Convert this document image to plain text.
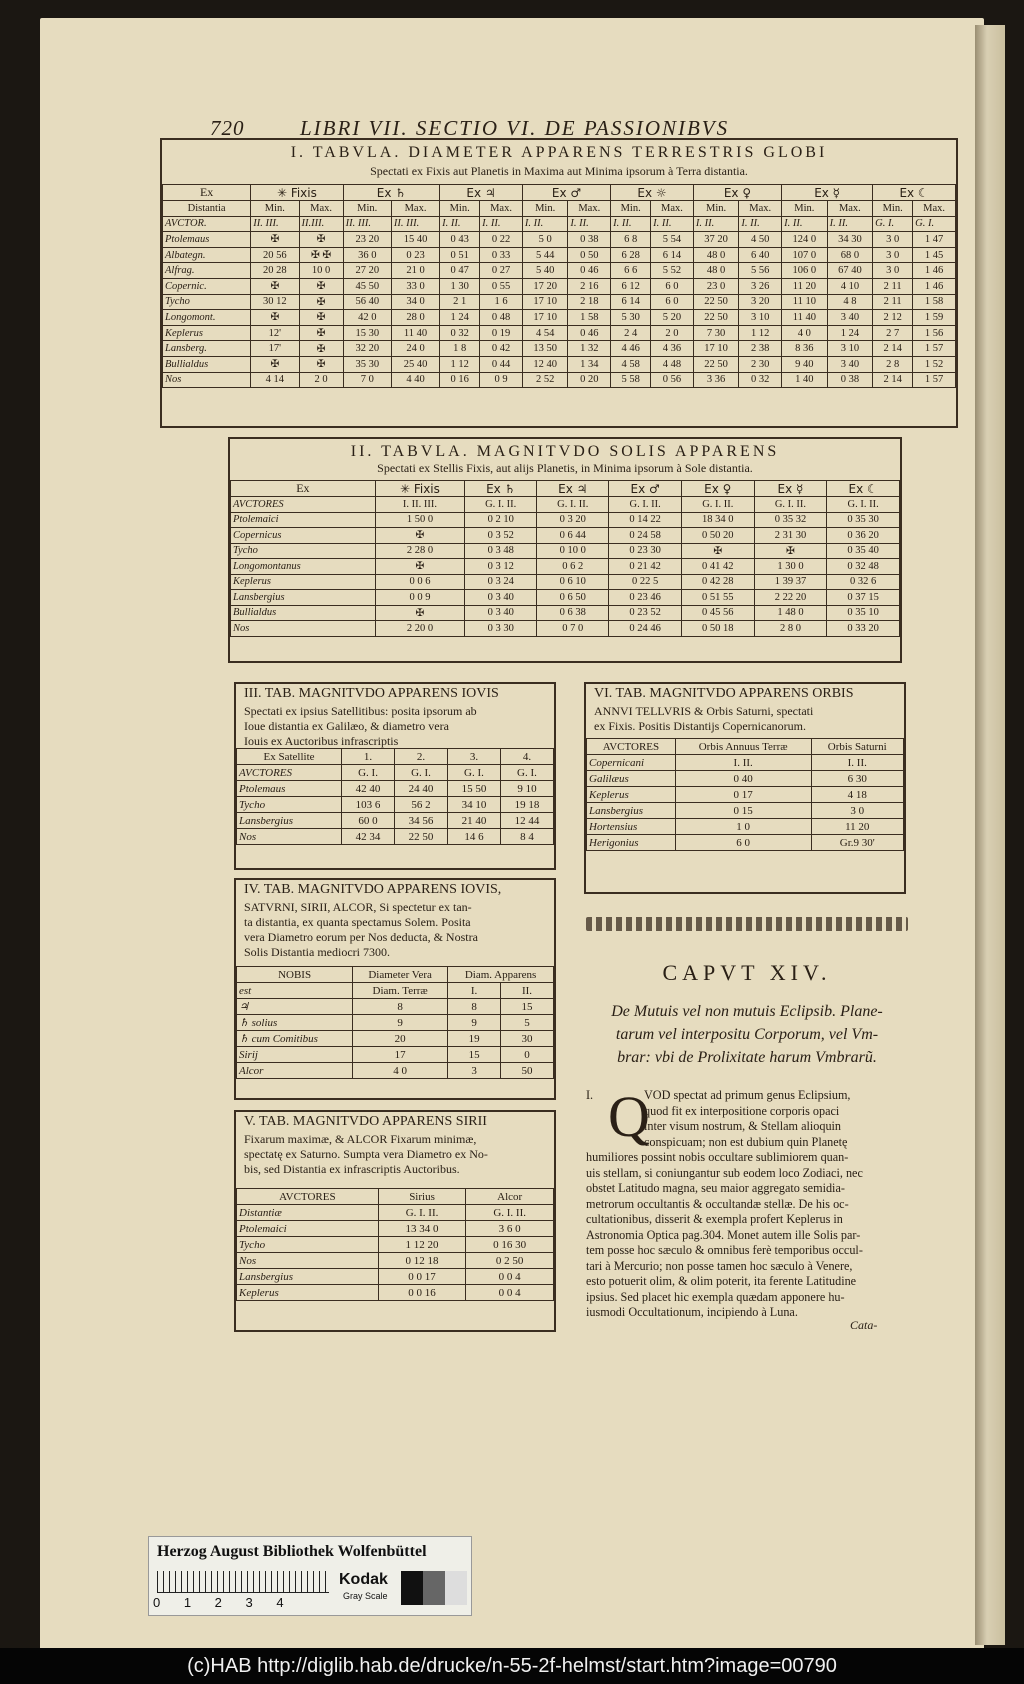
720	LIBRI VII. SECTIO VI. DE PASSIONIBVS
I. TABVLA. DIAMETER APPARENS TERRESTRIS GLOBI
Spectati ex Fixis aut Planetis in Maxima aut Minima ipsorum à Terra distantia.
Ex	✳ Fixis		Ex ♄		Ex ♃		Ex ♂		Ex ☼		Ex ♀		Ex ☿		Ex ☾	
Distantia	Min.	Max.	Min.	Max.	Min.	Max.	Min.	Max.	Min.	Max.	Min.	Max.	Min.	Max.	Min.	Max.
AVCTOR.	II. III.	II.III.	II. III.	II. III.	I. II.	I. II.	I. II.	I. II.	I. II.	I. II.	I. II.	I. II.	I. II.	I. II.	G. I.	G. I.
Ptolemaus	✠	✠	23 20	15 40	0 43	0 22	5 0	0 38	6 8	5 54	37 20	4 50	124 0	34 30	3 0	1 47
Albategn.	20 56	✠ ✠	36 0	0 23	0 51	0 33	5 44	0 50	6 28	6 14	48 0	6 40	107 0	68 0	3 0	1 45
Alfrag.	20 28	10 0	27 20	21 0	0 47	0 27	5 40	0 46	6 6	5 52	48 0	5 56	106 0	67 40	3 0	1 46
Copernic.	✠	✠	45 50	33 0	1 30	0 55	17 20	2 16	6 12	6 0	23 0	3 26	11 20	4 10	2 11	1 46
Tycho	30 12	✠	56 40	34 0	2 1	1 6	17 10	2 18	6 14	6 0	22 50	3 20	11 10	4 8	2 11	1 58
Longomont.	✠	✠	42 0	28 0	1 24	0 48	17 10	1 58	5 30	5 20	22 50	3 10	11 40	3 40	2 12	1 59
Keplerus	12'	✠	15 30	11 40	0 32	0 19	4 54	0 46	2 4	2 0	7 30	1 12	4 0	1 24	2 7	1 56
Lansberg.	17'	✠	32 20	24 0	1 8	0 42	13 50	1 32	4 46	4 36	17 10	2 38	8 36	3 10	2 14	1 57
Bullialdus	✠	✠	35 30	25 40	1 12	0 44	12 40	1 34	4 58	4 48	22 50	2 30	9 40	3 40	2 8	1 52
Nos	4 14	2 0	7 0	4 40	0 16	0 9	2 52	0 20	5 58	0 56	3 36	0 32	1 40	0 38	2 14	1 57
II. TABVLA. MAGNITVDO SOLIS APPARENS
Spectati ex Stellis Fixis, aut alijs Planetis, in Minima ipsorum à Sole distantia.
Ex	✳ Fixis	Ex ♄	Ex ♃	Ex ♂	Ex ♀	Ex ☿	Ex ☾
AVCTORES	I. II. III.	G. I. II.	G. I. II.	G. I. II.	G. I. II.	G. I. II.	G. I. II.
Ptolemaici	1 50 0	0 2 10	0 3 20	0 14 22	18 34 0	0 35 32	0 35 30
Copernicus	✠	0 3 52	0 6 44	0 24 58	0 50 20	2 31 30	0 36 20
Tycho	2 28 0	0 3 48	0 10 0	0 23 30	✠	✠	0 35 40
Longomontanus	✠	0 3 12	0 6 2	0 21 42	0 41 42	1 30 0	0 32 48
Keplerus	0 0 6	0 3 24	0 6 10	0 22 5	0 42 28	1 39 37	0 32 6
Lansbergius	0 0 9	0 3 40	0 6 50	0 23 46	0 51 55	2 22 20	0 37 15
Bullialdus	✠	0 3 40	0 6 38	0 23 52	0 45 56	1 48 0	0 35 10
Nos	2 20 0	0 3 30	0 7 0	0 24 46	0 50 18	2 8 0	0 33 20
III. TAB. MAGNITVDO APPARENS IOVIS
Spectati ex ipsius Satellitibus: posita ipsorum ab
Ioue distantia ex Galilæo, & diametro vera
Iouis ex Auctoribus infrascriptis
Ex Satellite	1.	2.	3.	4.
AVCTORES	G. I.	G. I.	G. I.	G. I.
Ptolemaus	42 40	24 40	15 50	9 10
Tycho	103 6	56 2	34 10	19 18
Lansbergius	60 0	34 56	21 40	12 44
Nos	42 34	22 50	14 6	8 4
IV. TAB. MAGNITVDO APPARENS IOVIS,
SATVRNI, SIRII, ALCOR, Si spectetur ex tan-
ta distantia, ex quanta spectamus Solem. Posita
vera Diametro eorum per Nos deducta, & Nostra
Solis Distantia mediocri 7300.
NOBIS	Diameter Vera	Diam. Apparens	
est	Diam. Terræ	I.	II.
♃	8	8	15
♄ solius	9	9	5
♄ cum Comitibus	20	19	30
Sirij	17	15	0
Alcor	4 0	3	50
V. TAB. MAGNITVDO APPARENS SIRII
Fixarum maximæ, & ALCOR Fixarum minimæ,
spectatę ex Saturno. Sumpta vera Diametro ex No-
bis, sed Distantia ex infrascriptis Auctoribus.
AVCTORES	Sirius	Alcor
Distantiæ	G. I. II.	G. I. II.
Ptolemaici	13 34 0	3 6 0
Tycho	1 12 20	0 16 30
Nos	0 12 18	0 2 50
Lansbergius	0 0 17	0 0 4
Keplerus	0 0 16	0 0 4
VI. TAB. MAGNITVDO APPARENS ORBIS
ANNVI TELLVRIS & Orbis Saturni, spectati
ex Fixis. Positis Distantijs Copernicanorum.
AVCTORES	Orbis Annuus Terræ	Orbis Saturni
Copernicani	I. II.	I. II.
Galilæus	0 40	6 30
Keplerus	0 17	4 18
Lansbergius	0 15	3 0
Hortensius	1 0	11 20
Herigonius	6 0	Gr.9 30'
CAPVT XIV.
De Mutuis vel non mutuis Eclipsib. Plane-
tarum vel interpositu Corporum, vel Vm-
brar: vbi de Prolixitate harum Vmbrarũ.
I. Q
VOD spectat ad primum genus Eclipsium,
quod fit ex interpositione corporis opaci
inter visum nostrum, & Stellam alioquin
conspicuam; non est dubium quin Planetę
humiliores possint nobis occultare sublimiorem quan-
uis stellam, si coniungantur sub eodem loco Zodiaci, nec
obstet Latitudo magna, seu maior aggregato semidia-
metrorum occultantis & occultandæ stellæ. De his oc-
cultationibus, disserit & exempla profert Keplerus in
Astronomia Optica pag.304. Monet autem ille Solis par-
tem posse hoc sæculo & omnibus ferè temporibus occul-
tari à Mercurio; non posse tamen hoc sæculo à Venere,
esto potuerit olim, & olim poterit, ita ferente Latitudine
ipsius. Sed placet hic exempla quædam apponere hu-
iusmodi Occultationum, incipiendo à Luna.
Cata-
Herzog August Bibliothek Wolfenbüttel
0 1 2 3 4
Kodak
Gray Scale
(c)HAB http://diglib.hab.de/drucke/n-55-2f-helmst/start.htm?image=00790
